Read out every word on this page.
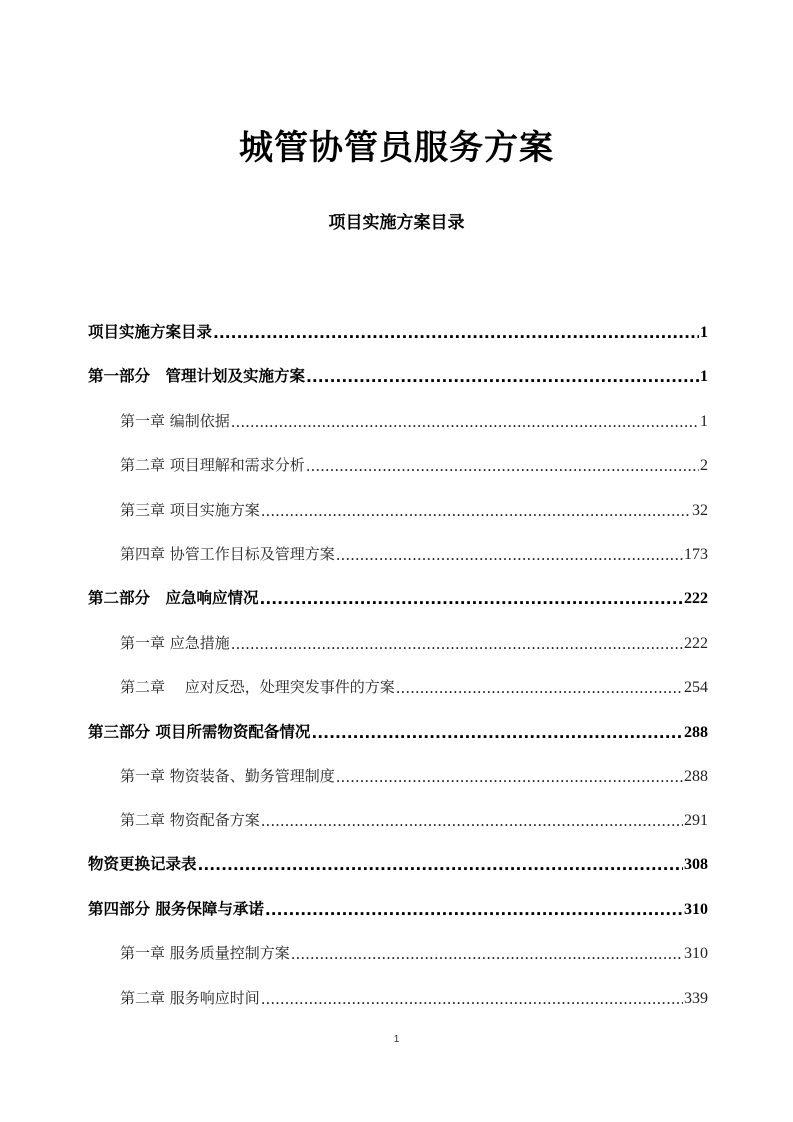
城管协管员服务方案
项目实施方案目录
项目实施方案目录 .....	1
第一部分　管理计划及实施方案 .....	1
第一章 编制依据 .....	1
第二章 项目理解和需求分析 .....	2
第三章 项目实施方案 .....	32
第四章 协管工作目标及管理方案 .....	173
第二部分　应急响应情况 .....	222
第一章 应急措施 .....	222
第二章　 应对反恐，处理突发事件的方案 .....	254
第三部分 项目所需物资配备情况 .....	288
第一章 物资装备、勤务管理制度 .....	288
第二章 物资配备方案 .....	291
物资更换记录表 .....	308
第四部分 服务保障与承诺 .....	310
第一章 服务质量控制方案 .....	310
第二章 服务响应时间 .....	339
1
